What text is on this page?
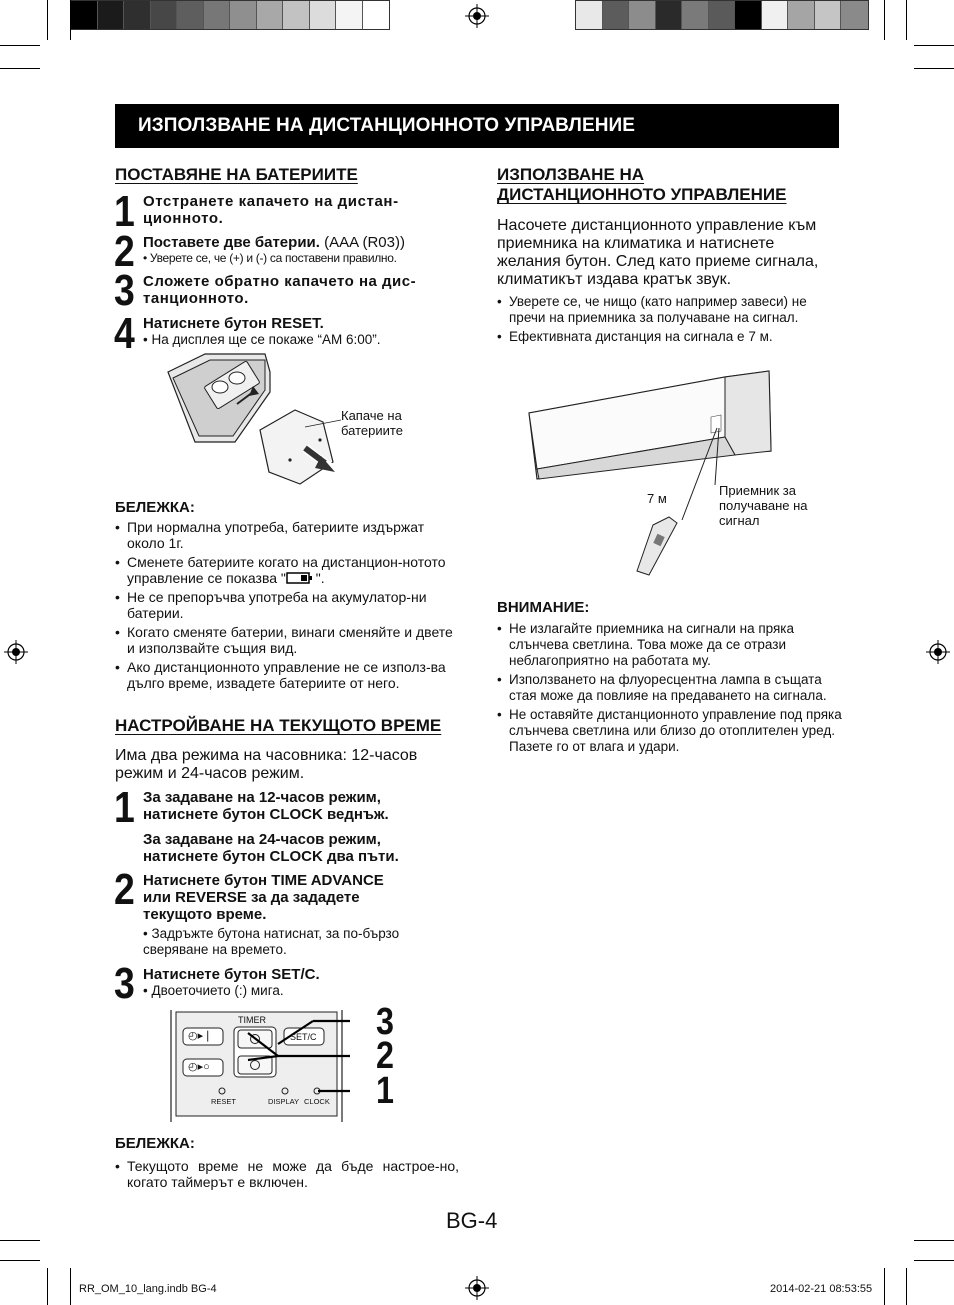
ИЗПОЛЗВАНЕ НА ДИСТАНЦИОННОТО УПРАВЛЕНИЕ
ПОСТАВЯНЕ НА БАТЕРИИТЕ
1 Отстранете капачето на дистан-
ционното.
2 Поставете две батерии. (AAA (R03))
• Уверете се, че (+) и (-) са поставени правилно.
3 Сложете обратно капачето на дис-
танционното.
4 Натиснете бутон RESET.
• На дисплея ще се покаже “AM 6:00”.
Капаче на
батериите
БЕЛЕЖКА:
• При нормална употреба, батериите издържат около 1г.
• Сменете батериите когато на дистанцион-нотото управление се показва " ".
• Не се препоръчва употреба на акумулатор-ни батерии.
• Когато сменяте батерии, винаги сменяйте и двете и използвайте същия вид.
• Ако дистанционното управление не се използ-ва дълго време, извадете батериите от него.
НАСТРОЙВАНЕ НА ТЕКУЩОТО ВРЕМЕ
Има два режима на часовника: 12-часов режим и 24-часов режим.
1 За задаване на 12-часов режим,
натиснете бутон CLOCK веднъж.
За задаване на 24-часов режим,
натиснете бутон CLOCK два пъти.
2 Натиснете бутон TIME ADVANCE
или REVERSE за да зададете
текущото време.
• Задръжте бутона натиснат, за по-бързо
сверяване на времето.
3 Натиснете бутон SET/C.
• Двоеточието (:) мига.
TIMER
SET/C
RESET	DISPLAY CLOCK
◴▸❘
◴▸○
3
2
1
БЕЛЕЖКА:
• Текущото време не може да бъде настрое-но, когато таймерът е включен.
ИЗПОЛЗВАНЕ НА
ДИСТАНЦИОННОТО УПРАВЛЕНИЕ
Насочете дистанционното управление към приемника на климатика и натиснете желания бутон. След като приеме сигнала, климатикът издава кратък звук.
• Уверете се, че нищо (като например завеси) не пречи на приемника за получаване на сигнал.
• Ефективната дистанция на сигнала е 7 м.
7 м
Приемник за
получаване на
сигнал
ВНИМАНИЕ:
• Не излагайте приемника на сигнали на пряка слънчева светлина. Това може да се отрази неблагоприятно на работата му.
• Използването на флуоресцентна лампа в същата стая може да повлияе на предаването на сигнала.
• Не оставяйте дистанционното управление под пряка слънчева светлина или близо до отоплителен уред. Пазете го от влага и удари.
BG-4
RR_OM_10_lang.indb BG-4	2014-02-21 08:53:55
